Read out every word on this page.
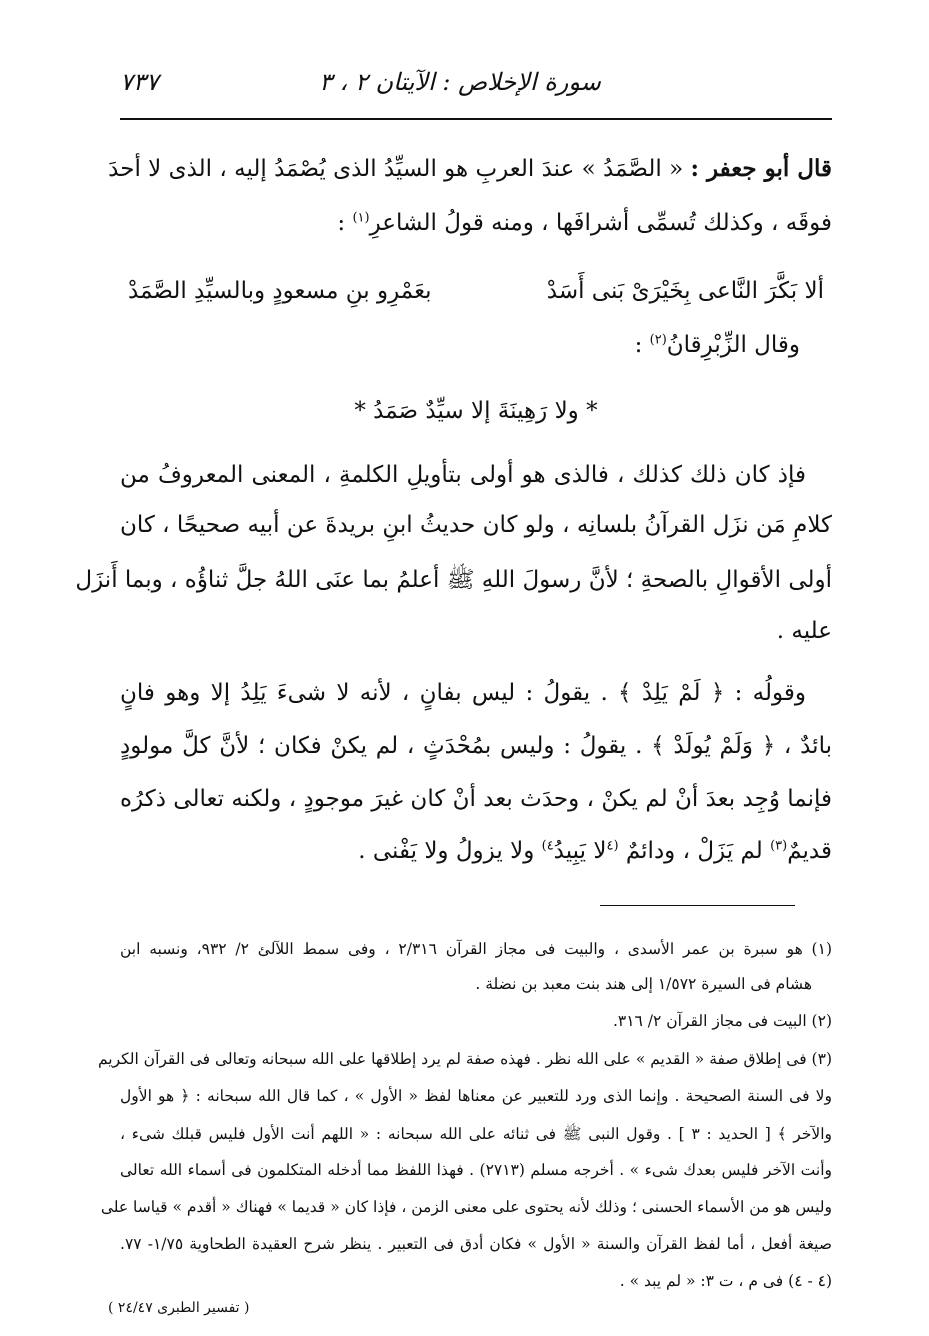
سورة الإخلاص : الآيتان ٢ ، ٣
٧٣٧
قال أبو جعفر : « الصَّمَدُ » عندَ العربِ هو السيِّدُ الذى يُصْمَدُ إليه ، الذى لا أحدَ
فوقَه ، وكذلك تُسمِّى أشرافَها ، ومنه قولُ الشاعرِ$^{(١)}$ :
ألا بَكَّرَ النَّاعى بِخَيْرَىْ بَنى أَسَدْ
بعَمْرِو بنِ مسعودٍ وبالسيِّدِ الصَّمَدْ
وقال الزِّبْرِقانُ$^{(٢)}$ :
* ولا رَهِينَةَ إلا سيِّدٌ صَمَدُ *
فإذ كان ذلك كذلك ، فالذى هو أولى بتأويلِ الكلمةِ ، المعنى المعروفُ من
كلامِ مَن نزَل القرآنُ بلسانِه ، ولو كان حديثُ ابنِ بريدةَ عن أبيه صحيحًا ، كان
أولى الأقوالِ بالصحةِ ؛ لأنَّ رسولَ اللهِ ﷺ أعلمُ بما عنَى اللهُ جلَّ ثناؤُه ، وبما أَنزَل
عليه .
وقولُه : ﴿ لَمْ يَلِدْ ﴾ . يقولُ : ليس بفانٍ ، لأنه لا شىءَ يَلِدُ إلا وهو فانٍ
بائدٌ ، ﴿ وَلَمْ يُولَدْ ﴾ . يقولُ : وليس بمُحْدَثٍ ، لم يكنْ فكان ؛ لأنَّ كلَّ مولودٍ
فإنما وُجِد بعدَ أنْ لم يكنْ ، وحدَث بعد أنْ كان غيرَ موجودٍ ، ولكنه تعالى ذكرُه
قديمٌ$^{(٣)}$ لم يَزَلْ ، ودائمٌ $^{(٤}$لا يَبِيدُ$^{٤)}$ ولا يزولُ ولا يَفْنى .
(١) هو سبرة بن عمر الأسدى ، والبيت فى مجاز القرآن ٢/٣١٦ ، وفى سمط اللآلئ ٢/ ٩٣٢، ونسبه ابن
هشام فى السيرة ١/٥٧٢ إلى هند بنت معبد بن نضلة .
(٢) البيت فى مجاز القرآن ٢/ ٣١٦.
(٣) فى إطلاق صفة « القديم » على الله نظر . فهذه صفة لم يرد إطلاقها على الله سبحانه وتعالى فى القرآن الكريم
ولا فى السنة الصحيحة . وإنما الذى ورد للتعبير عن معناها لفظ « الأول » ، كما قال الله سبحانه : ﴿ هو الأول
والآخر ﴾ [ الحديد : ٣ ] . وقول النبى ﷺ فى ثنائه على الله سبحانه : « اللهم أنت الأول فليس قبلك شىء ،
وأنت الآخر فليس بعدك شىء » . أخرجه مسلم (٢٧١٣) . فهذا اللفظ مما أدخله المتكلمون فى أسماء الله تعالى
وليس هو من الأسماء الحسنى ؛ وذلك لأنه يحتوى على معنى الزمن ، فإذا كان « قديما » فهناك « أقدم » قياسا على
صيغة أفعل ، أما لفظ القرآن والسنة « الأول » فكان أدق فى التعبير . ينظر شرح العقيدة الطحاوية ١/٧٥- ٧٧.
(٤ - ٤) فى م ، ت ٣: « لم يبد » .
( تفسير الطبرى ٢٤/٤٧ )
